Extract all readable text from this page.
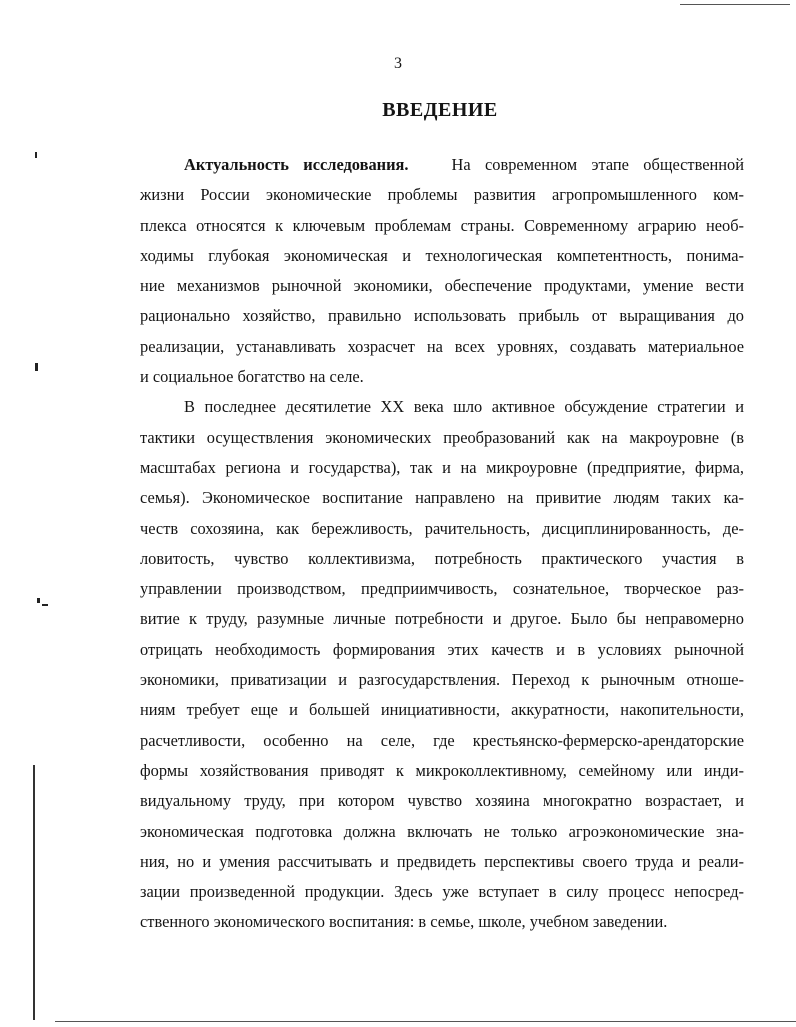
3
ВВЕДЕНИЕ
Актуальность исследования.	На современном этапе общественной
жизни России экономические проблемы развития агропромышленного ком-
плекса относятся к ключевым проблемам страны. Современному аграрию необ-
ходимы глубокая экономическая и технологическая компетентность, понима-
ние механизмов рыночной экономики, обеспечение продуктами, умение вести
рационально хозяйство, правильно использовать прибыль от выращивания до
реализации, устанавливать хозрасчет на всех уровнях, создавать материальное
и социальное богатство на селе.
В последнее десятилетие XX века шло активное обсуждение стратегии и
тактики осуществления экономических преобразований как на макроуровне (в
масштабах региона и государства), так и на микроуровне (предприятие, фирма,
семья). Экономическое воспитание направлено на привитие людям таких ка-
честв сохозяина, как бережливость, рачительность, дисциплинированность, де-
ловитость, чувство коллективизма, потребность практического участия в
управлении производством, предприимчивость, сознательное, творческое раз-
витие к труду, разумные личные потребности и другое. Было бы неправомерно
отрицать необходимость формирования этих качеств и в условиях рыночной
экономики, приватизации и разгосударствления. Переход к рыночным отноше-
ниям требует еще и большей инициативности, аккуратности, накопительности,
расчетливости, особенно на селе, где крестьянско-фермерско-арендаторские
формы хозяйствования приводят к микроколлективному, семейному или инди-
видуальному труду, при котором чувство хозяина многократно возрастает, и
экономическая подготовка должна включать не только агроэкономические зна-
ния, но и умения рассчитывать и предвидеть перспективы своего труда и реали-
зации произведенной продукции. Здесь уже вступает в силу процесс непосред-
ственного экономического воспитания: в семье, школе, учебном заведении.
